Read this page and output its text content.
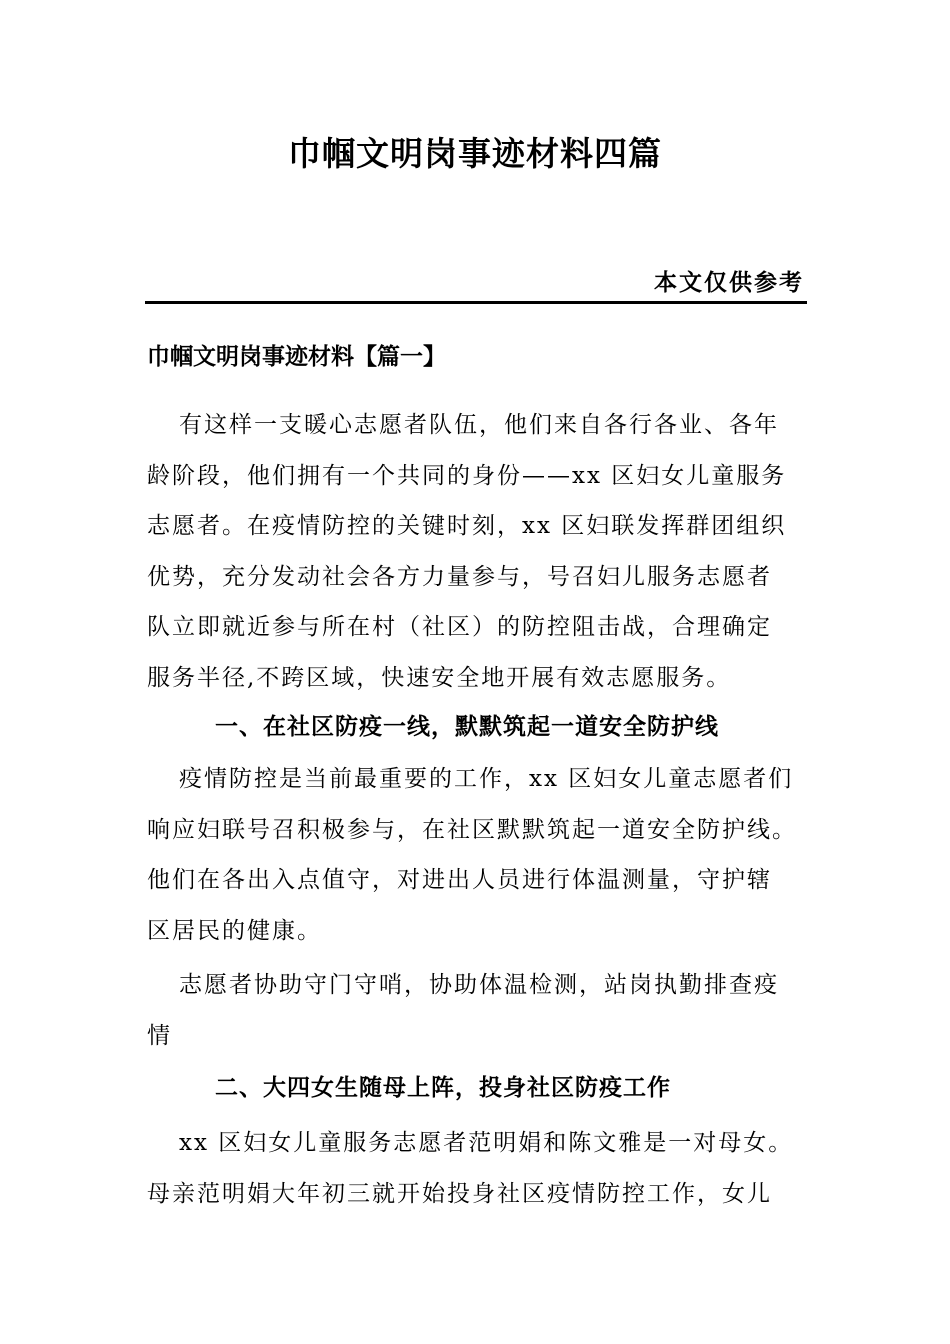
巾帼文明岗事迹材料四篇
本文仅供参考
巾帼文明岗事迹材料【篇一】

有这样一支暖心志愿者队伍，他们来自各行各业、各年
龄阶段，他们拥有一个共同的身份——xx 区妇女儿童服务
志愿者。在疫情防控的关键时刻，xx 区妇联发挥群团组织
优势，充分发动社会各方力量参与，号召妇儿服务志愿者
队立即就近参与所在村（社区）的防控阻击战，合理确定
服务半径,不跨区域，快速安全地开展有效志愿服务。

一、在社区防疫一线，默默筑起一道安全防护线

疫情防控是当前最重要的工作，xx 区妇女儿童志愿者们
响应妇联号召积极参与，在社区默默筑起一道安全防护线。
他们在各出入点值守，对进出人员进行体温测量，守护辖
区居民的健康。

志愿者协助守门守哨，协助体温检测，站岗执勤排查疫
情

二、大四女生随母上阵，投身社区防疫工作

xx 区妇女儿童服务志愿者范明娟和陈文雅是一对母女。
母亲范明娟大年初三就开始投身社区疫情防控工作，女儿
